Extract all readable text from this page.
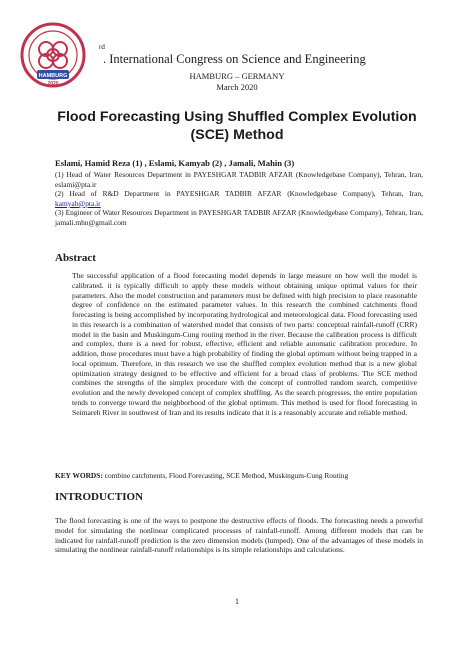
HAMBURG
2020
rd
. International Congress on Science and Engineering
HAMBURG – GERMANY
March 2020
Flood Forecasting Using Shuffled Complex Evolution
(SCE) Method
Eslami, Hamid Reza (1) , Eslami, Kamyab (2) , Jamali, Mahin (3)
(1) Head of Water Resources Department in PAYESHGAR TADBIR AFZAR (Knowledgebase Company), Tehran, Iran, eslami@pta.ir
(2) Head of R&D Department in PAYESHGAR TADBIR AFZAR (Knowledgebase Company), Tehran, Iran, kamyab@pta.ir
(3) Engineer of Water Resources Department in PAYESHGAR TADBIR AFZAR (Knowledgebase Company), Tehran, Iran, jamali.mhn@gmail.com
Abstract
The successful application of a flood forecasting model depends in large measure on how well the model is calibrated. it is typically difficult to apply these models without obtaining unique optimal values for their parameters. Also the model construction and parameters must be defined with high precision to place reasonable degree of confidence on the estimated parameter values. In this research the combined catchments flood forecasting is being accomplished by incorporating hydrological and meteorological data. Flood forecasting used in this research is a combination of watershed model that consists of two parts: conceptual rainfall-runoff (CRR) model in the basin and Muskingum-Cung routing method in the river. Because the calibration process is difficult and complex, there is a need for robust, effective, efficient and reliable automatic calibration procedure. In addition, those procedures must have a high probability of finding the global optimum without being trapped in a local optimum. Therefore, in this research we use the shuffled complex evolution method that is a new global optimization strategy designed to be effective and efficient for a broad class of problems. The SCE method combines the strengths of the simplex procedure with the concept of controlled random search, competitive evolution and the newly developed concept of complex shuffling. As the search progresses, the entire population tends to converge toward the neighborhood of the global optimum. This method is used for flood forecasting in Seimareh River in southwest of Iran and its results indicate that it is a reasonably accurate and reliable method.
KEY WORDS: combine catchments, Flood Forecasting, SCE Method, Muskingum-Cung Routing
INTRODUCTION
The flood forecasting is one of the ways to postpone the destructive effects of floods. The forecasting needs a powerful model for simulating the nonlinear complicated processes of rainfall-runoff. Among different models that can be indicated for rainfall-runoff prediction is the zero dimension models (lumped). One of the advantages of these models in simulating the nonlinear rainfall-runoff relationships is its simple relationships and calculations.
1
